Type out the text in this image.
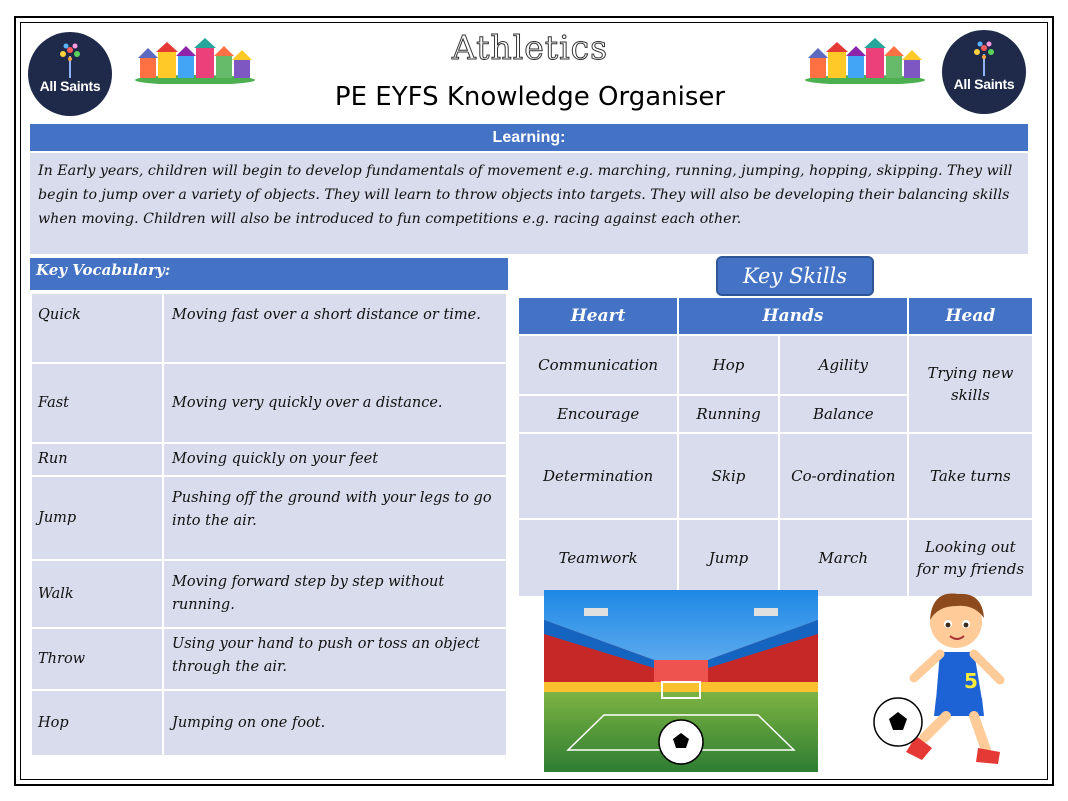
All Saints	All Saints
Athletics
PE EYFS Knowledge Organiser
Learning:
In Early years, children will begin to develop fundamentals of movement e.g. marching, running, jumping, hopping, skipping. They will begin to jump over a variety of objects. They will learn to throw objects into targets. They will also be developing their balancing skills when moving. Children will also be introduced to fun competitions e.g. racing against each other.
Key Vocabulary:
Quick	Moving fast over a short distance or time.
Fast	Moving very quickly over a distance.
Run	Moving quickly on your feet
Jump	Pushing off the ground with your legs to go into the air.
Walk	Moving forward step by step without running.
Throw	Using your hand to push or toss an object through the air.
Hop	Jumping on one foot.
Key Skills
Heart	Hands		Head
Communication	Hop	Agility	Trying new skills
Encourage	Running	Balance	
Determination	Skip	Co-ordination	Take turns
Teamwork	Jump	March	Looking out for my friends
5
